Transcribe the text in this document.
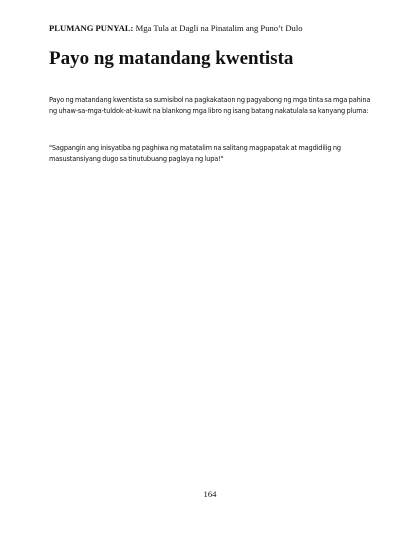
PLUMANG PUNYAL: Mga Tula at Dagli na Pinatalim ang Puno’t Dulo
Payo ng matandang kwentista

Payo ng matandang kwentista sa sumisibol na pagkakataon ng pagyabong ng mga tinta sa mga pahina ng uhaw-sa-mga-tuldok-at-kuwit na blankong mga libro ng isang batang nakatulala sa kanyang pluma:

"Sagpangin ang inisyatiba ng paghiwa ng matatalim na salitang magpapatak at magdidilig ng masustansiyang dugo sa tinutubuang paglaya ng lupa!"

164
